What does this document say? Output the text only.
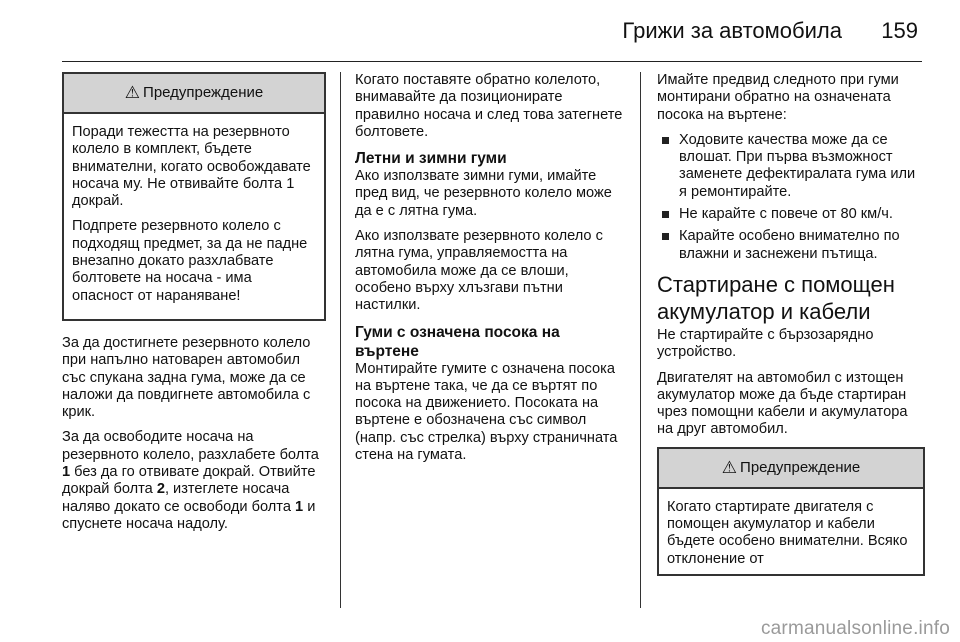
Грижи за автомобила 159
⚠ Предупреждение

Поради тежестта на резервното колело в комплект, бъдете внимателни, когато освобождавате носача му. Не отвивайте болта 1 докрай.

Подпрете резервното колело с подходящ предмет, за да не падне внезапно докато разхлабвате болтовете на носача - има опасност от нараняване!

За да достигнете резервното колело при напълно натоварен автомобил със спукана задна гума, може да се наложи да повдигнете автомобила с крик.

За да освободите носача на резервното колело, разхлабете болта 1 без да го отвивате докрай. Отвийте докрай болта 2, изтеглете носача наляво докато се освободи болта 1 и спуснете носача надолу.

Когато поставяте обратно колелото, внимавайте да позиционирате правилно носача и след това затегнете болтовете.

Летни и зимни гуми

Ако използвате зимни гуми, имайте пред вид, че резервното колело може да е с лятна гума.

Ако използвате резервното колело с лятна гума, управляемостта на автомобила може да се влоши, особено върху хлъзгави пътни настилки.

Гуми с означена посока на въртене

Монтирайте гумите с означена посока на въртене така, че да се въртят по посока на движението. Посоката на въртене е обозначена със символ (напр. със стрелка) върху страничната стена на гумата.

Имайте предвид следното при гуми монтирани обратно на означената посока на въртене:

Ходовите качества може да се влошат. При първа възможност заменете дефектиралата гума или я ремонтирайте.
Не карайте с повече от 80 км/ч.
Карайте особено внимателно по влажни и заснежени пътища.
Стартиране с помощен акумулатор и кабели

Не стартирайте с бързозарядно устройство.

Двигателят на автомобил с изтощен акумулатор може да бъде стартиран чрез помощни кабели и акумулатора на друг автомобил.

⚠ Предупреждение

Когато стартирате двигателя с помощен акумулатор и кабели бъдете особено внимателни. Всяко отклонение от

carmanualsonline.info
